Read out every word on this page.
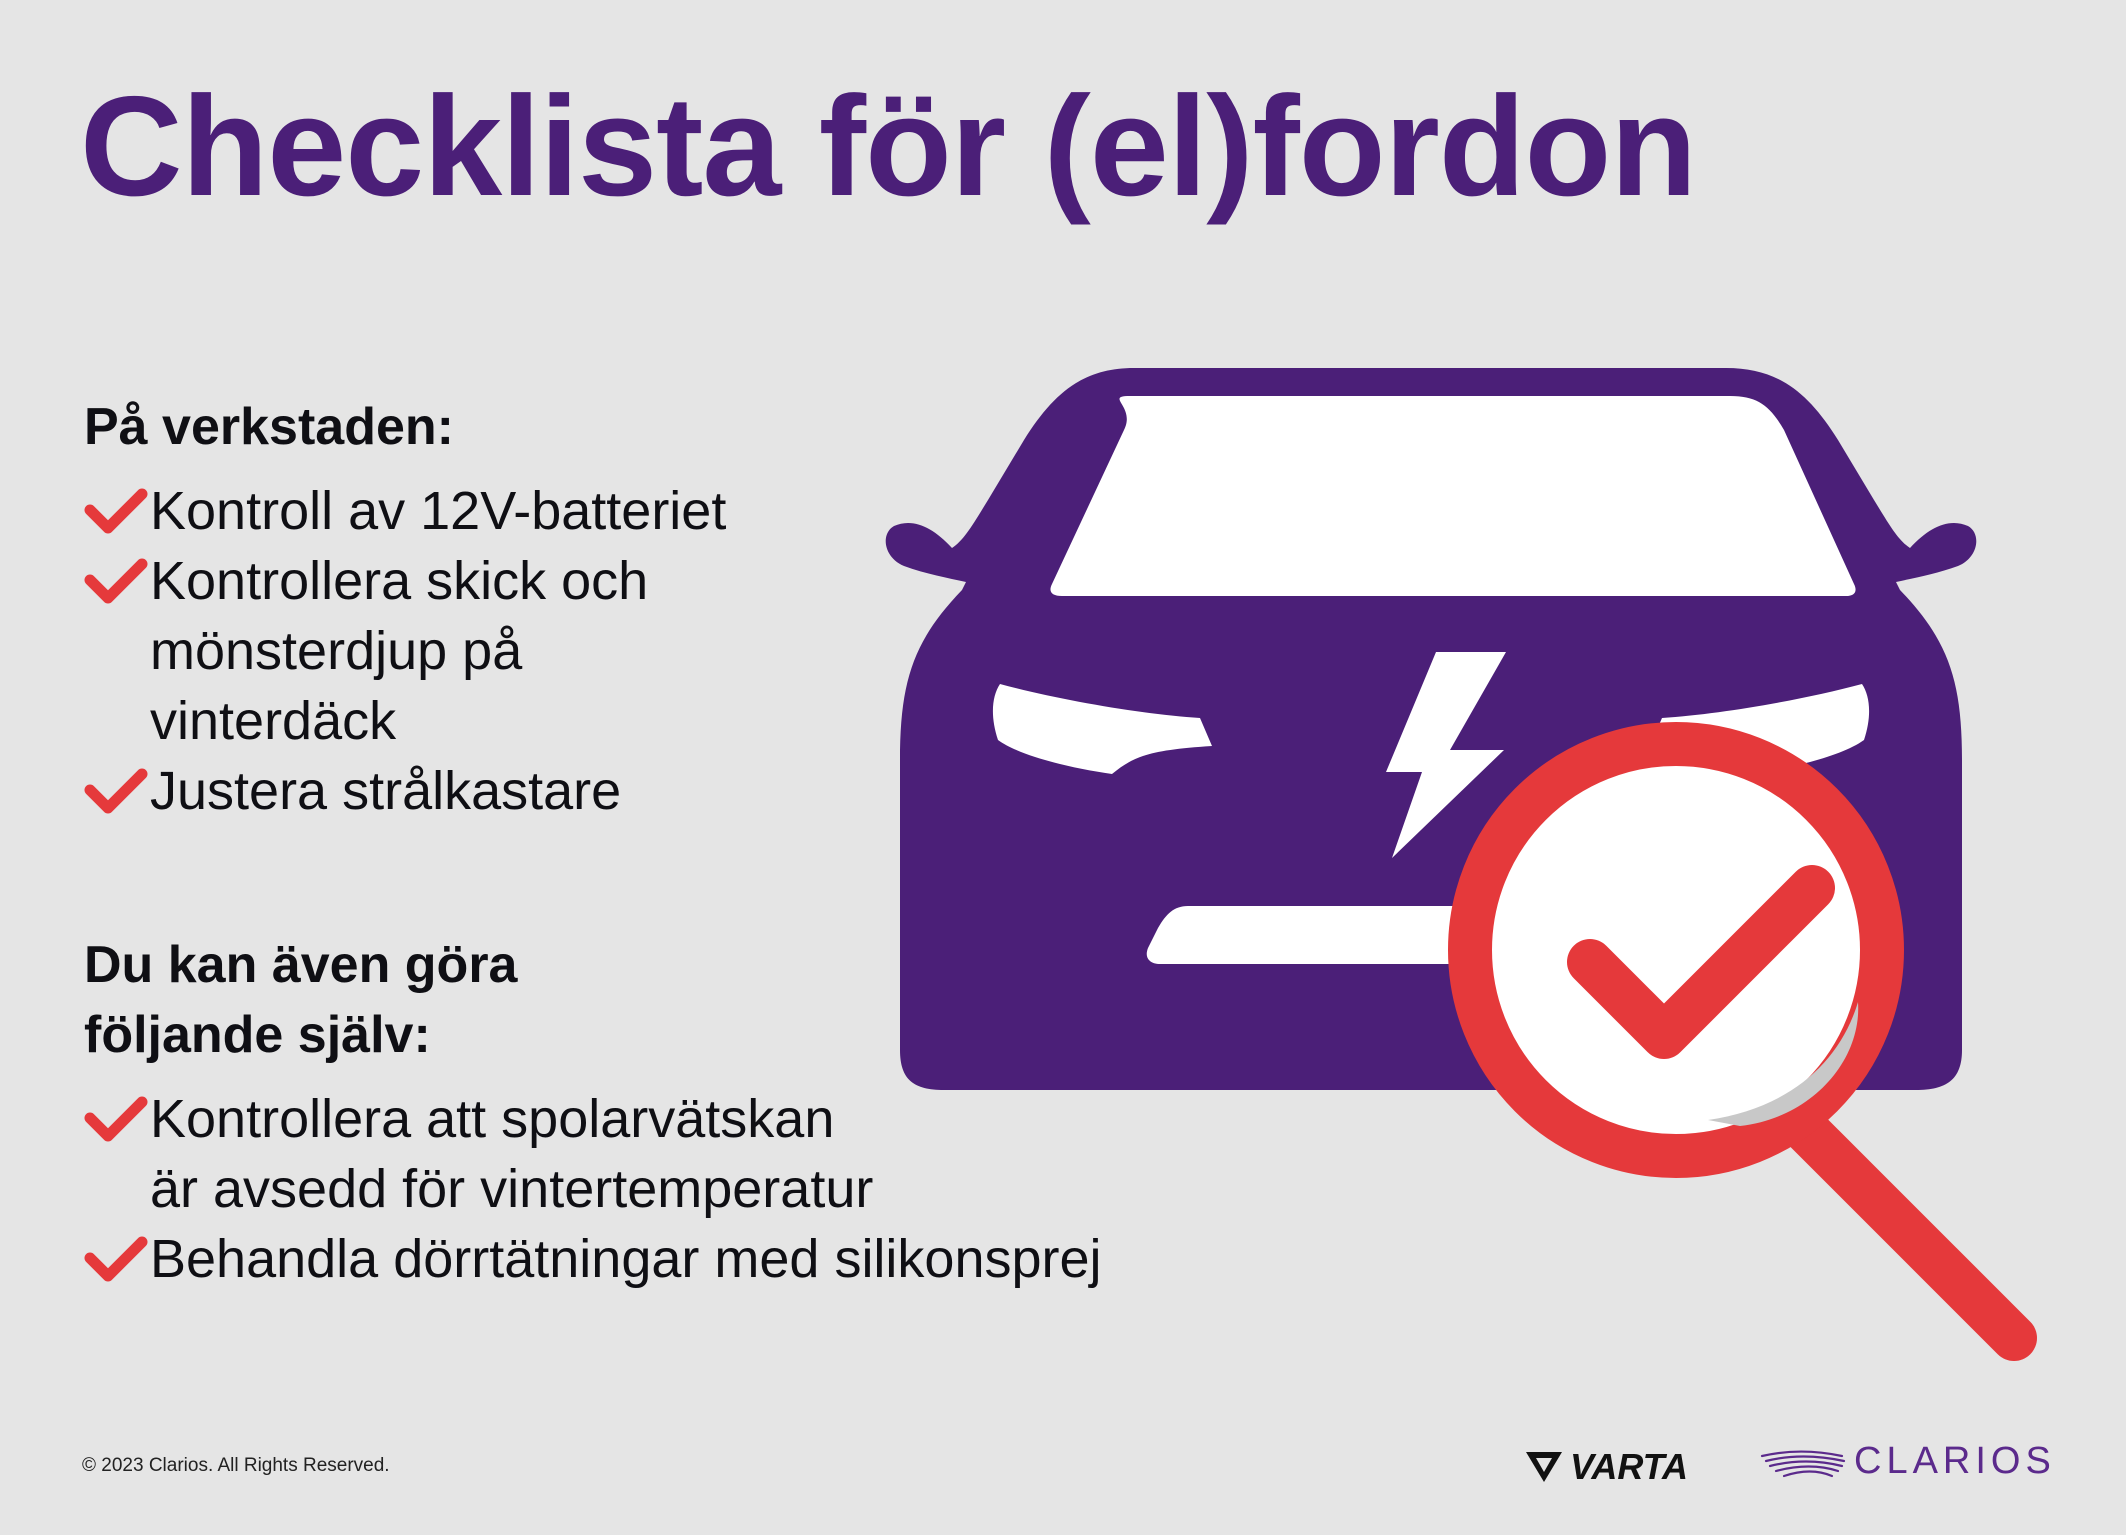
Checklista för (el)fordon
På verkstaden:
Kontroll av 12V-batteriet
Kontrollera skick och
mönsterdjup på
vinterdäck
Justera strålkastare
Du kan även göra
följande själv:
Kontrollera att spolarvätskan
är avsedd för vintertemperatur
Behandla dörrtätningar med silikonsprej
© 2023 Clarios. All Rights Reserved.	VARTA	CLARIOS
